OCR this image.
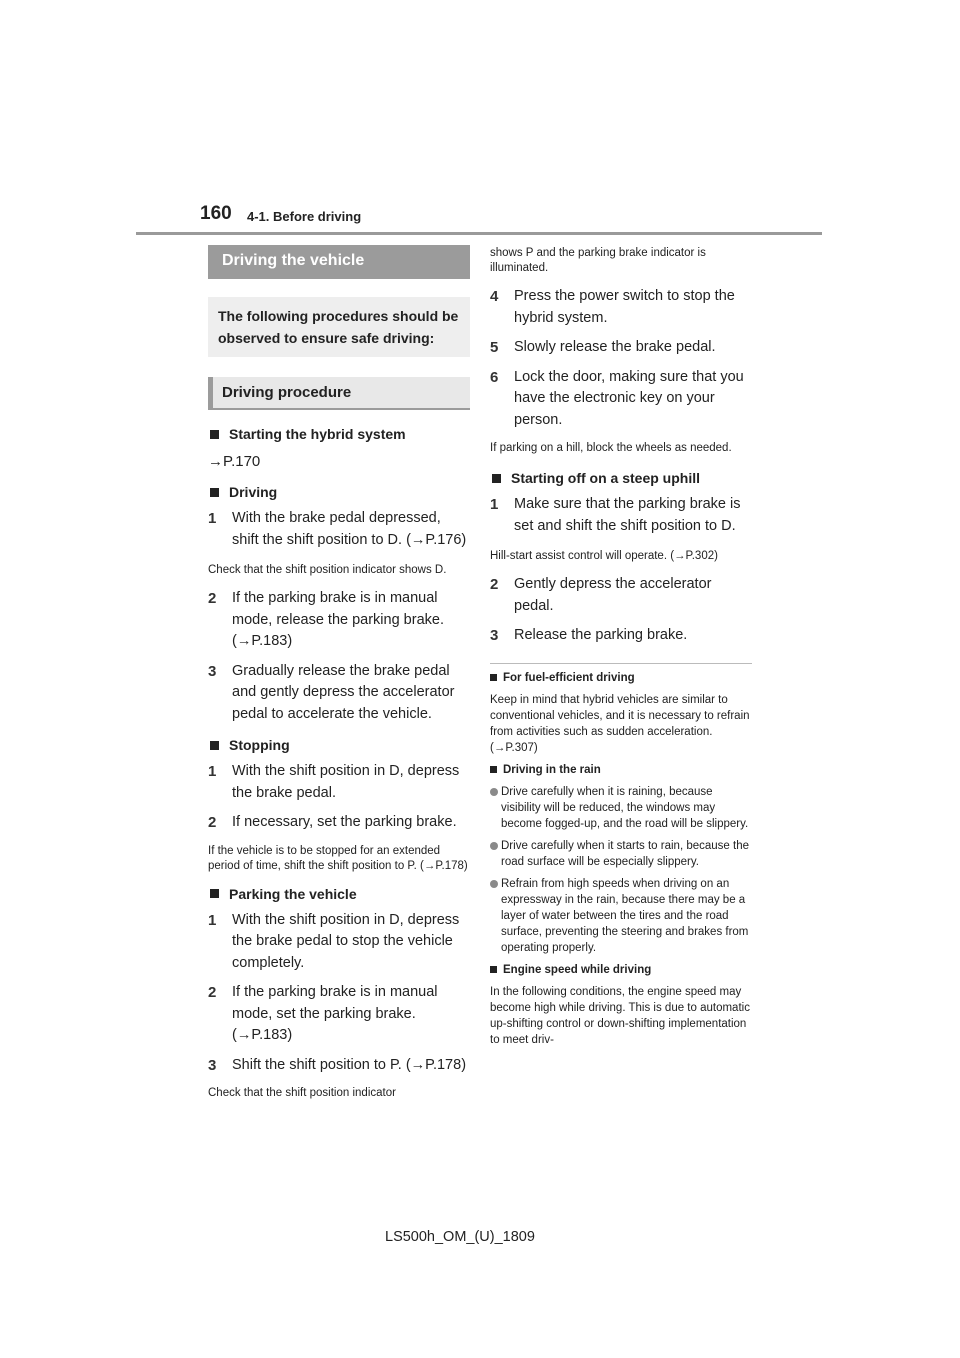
160 4-1. Before driving
Driving the vehicle
The following procedures should be observed to ensure safe driving:
Driving procedure
Starting the hybrid system
→P.170
Driving
1	With the brake pedal depressed, shift the shift position to D. (→P.176)
Check that the shift position indicator shows D.
2	If the parking brake is in manual mode, release the parking brake. (→P.183)
3	Gradually release the brake pedal and gently depress the accelerator pedal to accelerate the vehicle.
Stopping
1	With the shift position in D, depress the brake pedal.
2	If necessary, set the parking brake.
If the vehicle is to be stopped for an extended period of time, shift the shift position to P. (→P.178)
Parking the vehicle
1	With the shift position in D, depress the brake pedal to stop the vehicle completely.
2	If the parking brake is in manual mode, set the parking brake. (→P.183)
3	Shift the shift position to P. (→P.178)
Check that the shift position indicator
shows P and the parking brake indicator is illuminated.
4	Press the power switch to stop the hybrid system.
5	Slowly release the brake pedal.
6	Lock the door, making sure that you have the electronic key on your person.
If parking on a hill, block the wheels as needed.
Starting off on a steep uphill
1	Make sure that the parking brake is set and shift the shift position to D.
Hill-start assist control will operate. (→P.302)
2	Gently depress the accelerator pedal.
3	Release the parking brake.
For fuel-efficient driving
Keep in mind that hybrid vehicles are similar to conventional vehicles, and it is necessary to refrain from activities such as sudden acceleration. (→P.307)
Driving in the rain
Drive carefully when it is raining, because visibility will be reduced, the windows may become fogged-up, and the road will be slippery.
Drive carefully when it starts to rain, because the road surface will be especially slippery.
Refrain from high speeds when driving on an expressway in the rain, because there may be a layer of water between the tires and the road surface, preventing the steering and brakes from operating properly.
Engine speed while driving
In the following conditions, the engine speed may become high while driving. This is due to automatic up-shifting control or down-shifting implementation to meet driv-
LS500h_OM_(U)_1809
